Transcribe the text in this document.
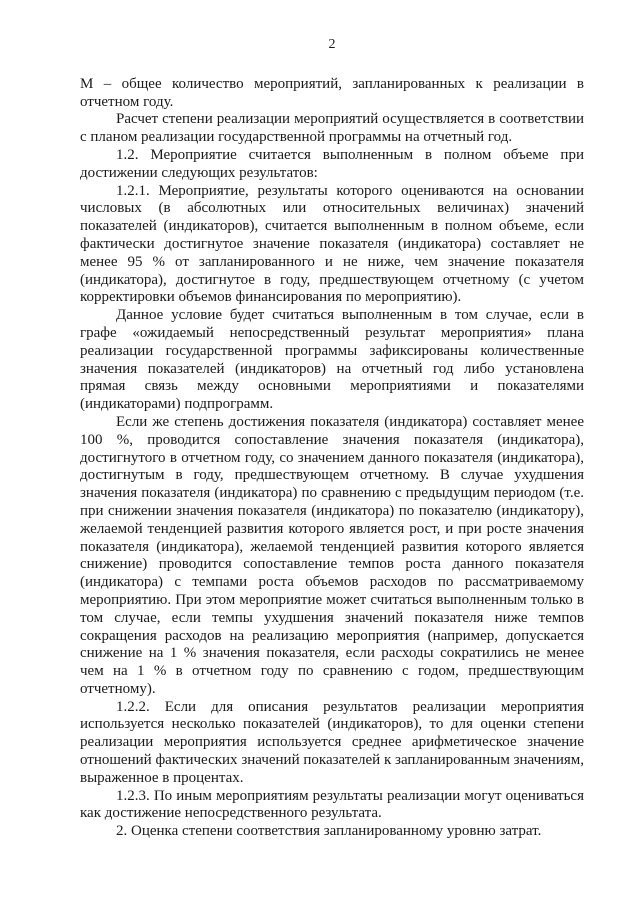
2

М – общее количество мероприятий, запланированных к реализации в отчетном году.

Расчет степени реализации мероприятий осуществляется в соответствии с планом реализации государственной программы на отчетный год.

1.2. Мероприятие считается выполненным в полном объеме при достижении следующих результатов:

1.2.1. Мероприятие, результаты которого оцениваются на основании числовых (в абсолютных или относительных величинах) значений показателей (индикаторов), считается выполненным в полном объеме, если фактически достигнутое значение показателя (индикатора) составляет не менее 95 % от запланированного и не ниже, чем значение показателя (индикатора), достигнутое в году, предшествующем отчетному (с учетом корректировки объемов финансирования по мероприятию).

Данное условие будет считаться выполненным в том случае, если в графе «ожидаемый непосредственный результат мероприятия» плана реализации государственной программы зафиксированы количественные значения показателей (индикаторов) на отчетный год либо установлена прямая связь между основными мероприятиями и показателями (индикаторами) подпрограмм.

Если же степень достижения показателя (индикатора) составляет менее 100 %, проводится сопоставление значения показателя (индикатора), достигнутого в отчетном году, со значением данного показателя (индикатора), достигнутым в году, предшествующем отчетному. В случае ухудшения значения показателя (индикатора) по сравнению с предыдущим периодом (т.е. при снижении значения показателя (индикатора) по показателю (индикатору), желаемой тенденцией развития которого является рост, и при росте значения показателя (индикатора), желаемой тенденцией развития которого является снижение) проводится сопоставление темпов роста данного показателя (индикатора) с темпами роста объемов расходов по рассматриваемому мероприятию. При этом мероприятие может считаться выполненным только в том случае, если темпы ухудшения значений показателя ниже темпов сокращения расходов на реализацию мероприятия (например, допускается снижение на 1 % значения показателя, если расходы сократились не менее чем на 1 % в отчетном году по сравнению с годом, предшествующим отчетному).

1.2.2. Если для описания результатов реализации мероприятия используется несколько показателей (индикаторов), то для оценки степени реализации мероприятия используется среднее арифметическое значение отношений фактических значений показателей к запланированным значениям, выраженное в процентах.

1.2.3. По иным мероприятиям результаты реализации могут оцениваться как достижение непосредственного результата.

2. Оценка степени соответствия запланированному уровню затрат.
